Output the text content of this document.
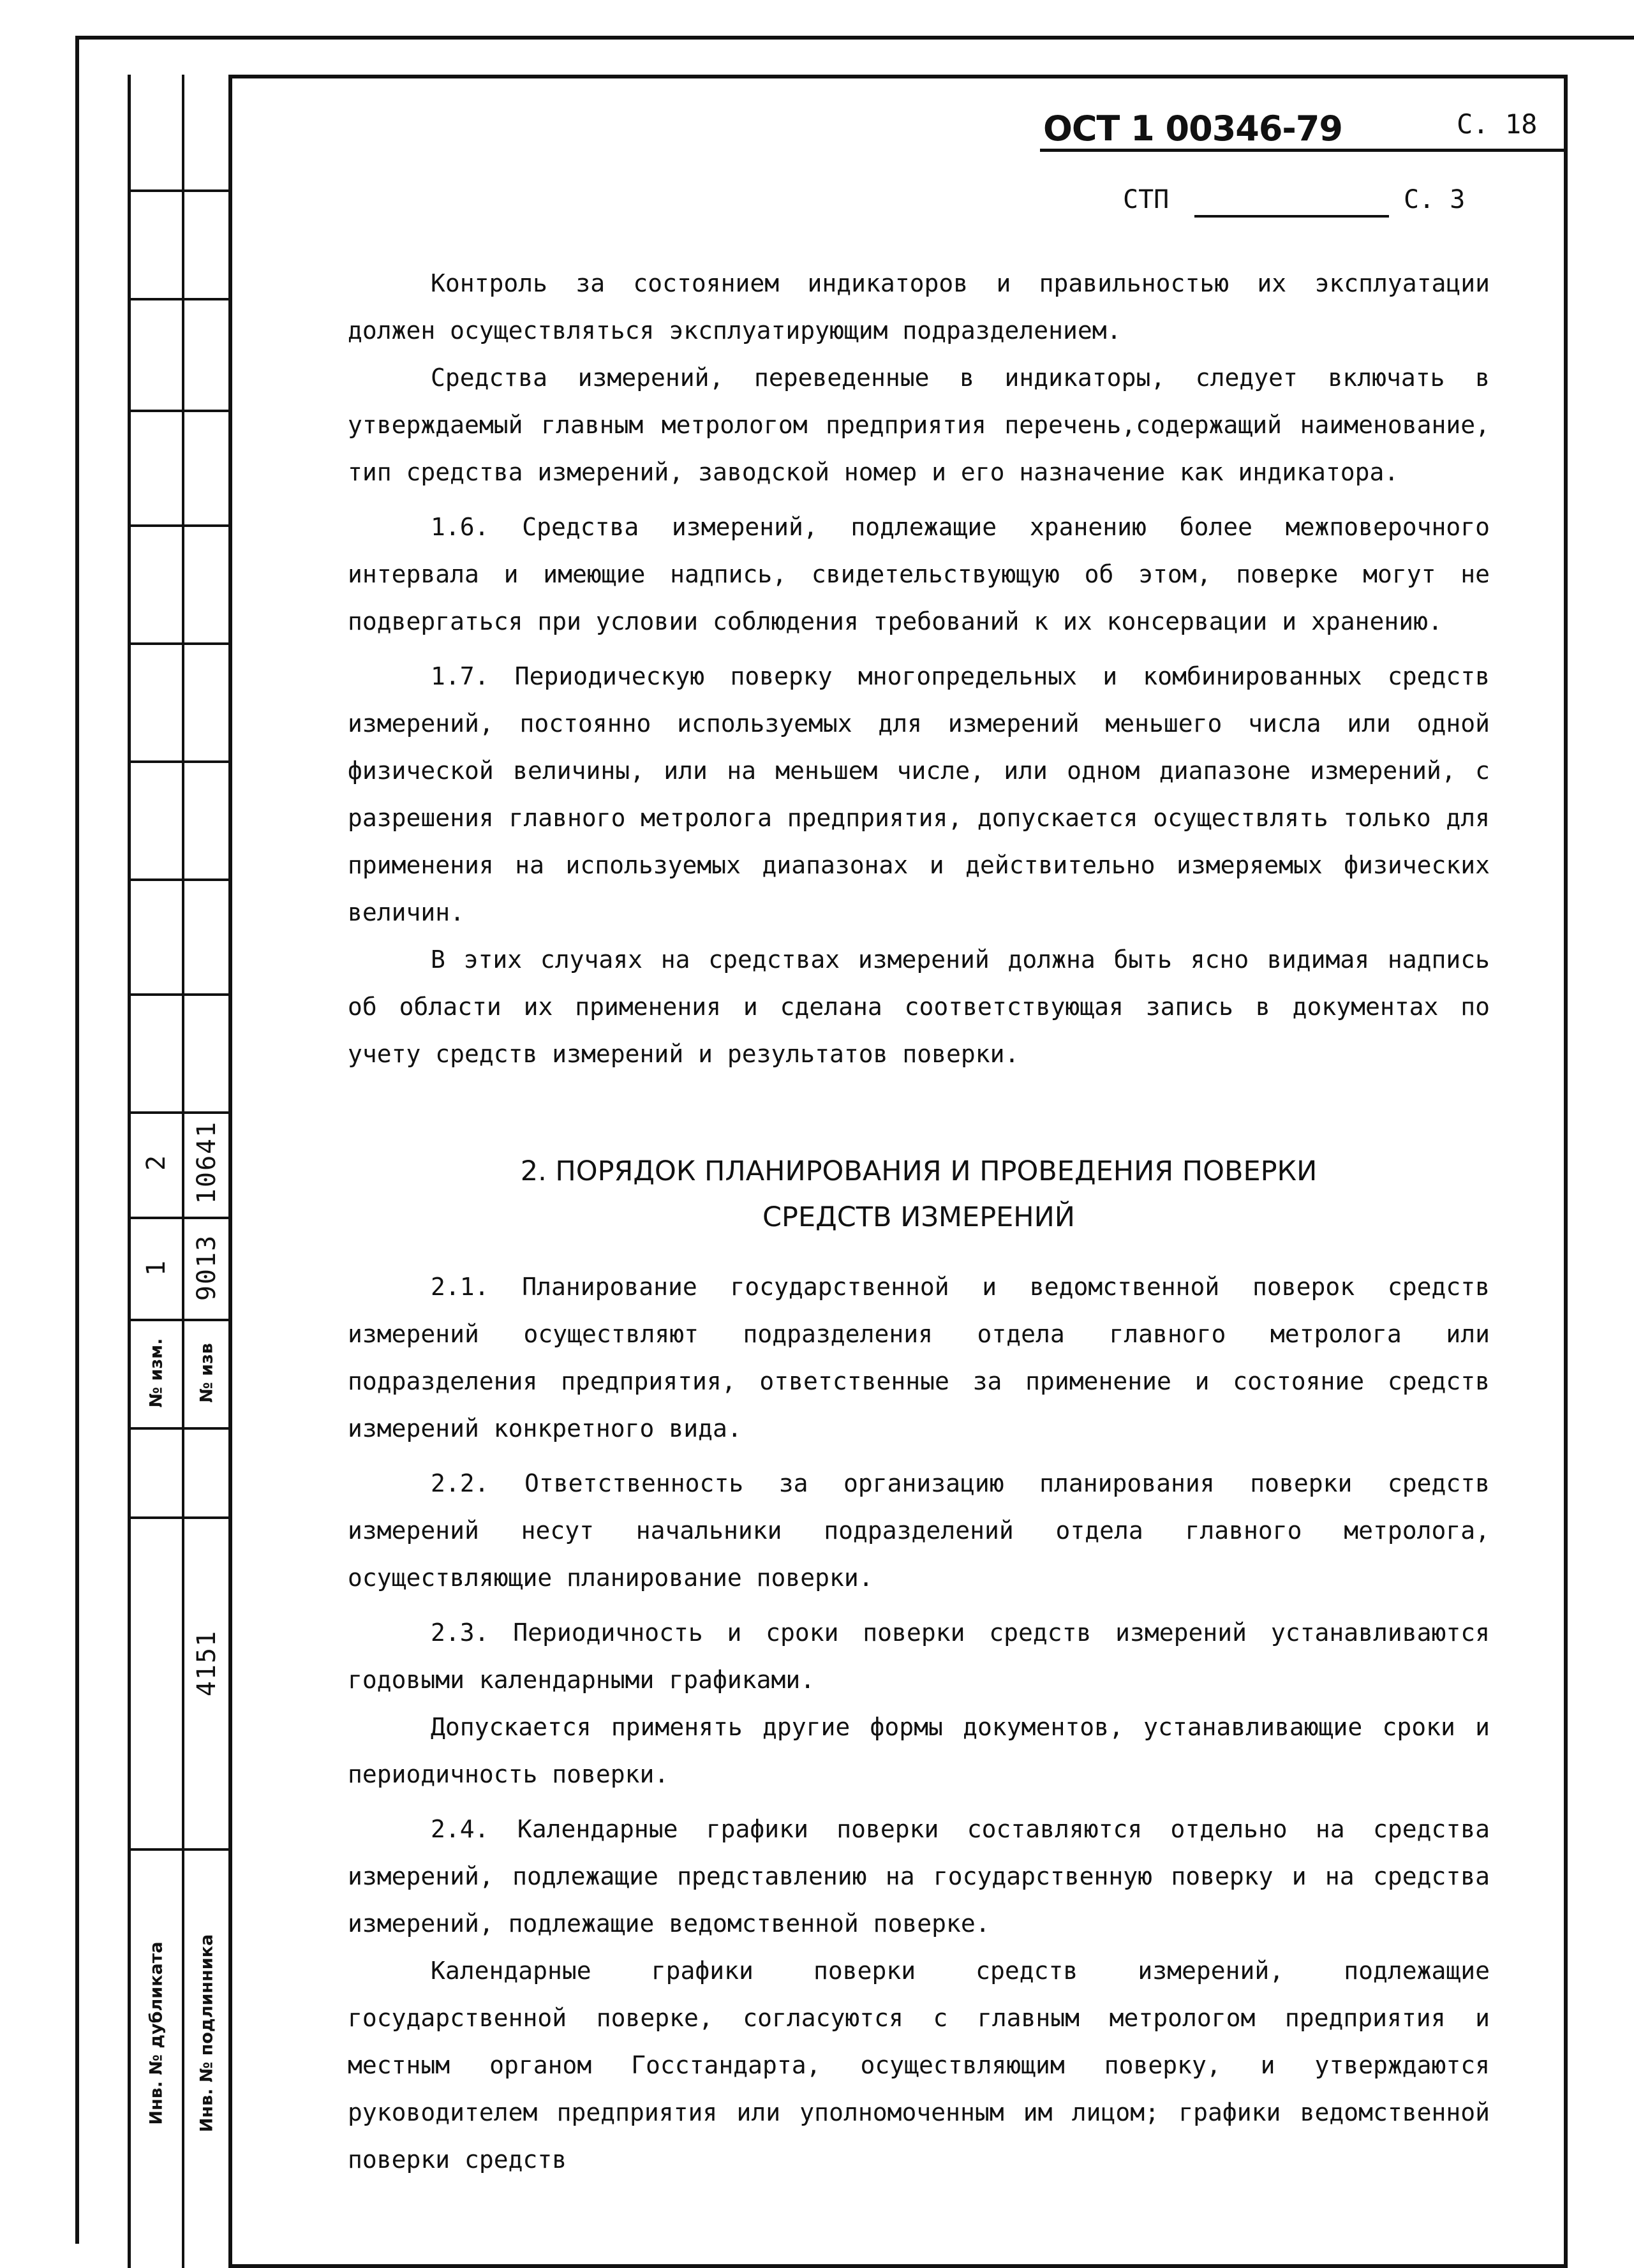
1
2
9013
10641
№ изм. № изв
4151
Инв. № дубликата Инв. № подлинника
ОСТ 1 00346-79	С. 18
СТП	С. 3

Контроль за состоянием индикаторов и правильностью их эксплуатации должен осуществляться эксплуатирующим подразделением.

Средства измерений, переведенные в индикаторы, следует включать в утверждаемый главным метрологом предприятия перечень,содержащий наименование, тип средства измерений, заводской номер и его назначение как индикатора.

1.6. Средства измерений, подлежащие хранению более межповерочного интервала и имеющие надпись, свидетельствующую об этом, поверке могут не подвергаться при условии соблюдения требований к их консервации и хранению.

1.7. Периодическую поверку многопредельных и комбинированных средств измерений, постоянно используемых для измерений меньшего числа или одной физической величины, или на меньшем числе, или одном диапазоне измерений, с разрешения главного метролога предприятия, допускается осуществлять только для применения на используемых диапазонах и действительно измеряемых физических величин.

В этих случаях на средствах измерений должна быть ясно видимая надпись об области их применения и сделана соответствующая запись в документах по учету средств измерений и результатов поверки.

2. ПОРЯДОК ПЛАНИРОВАНИЯ И ПРОВЕДЕНИЯ ПОВЕРКИ
СРЕДСТВ ИЗМЕРЕНИЙ

2.1. Планирование государственной и ведомственной поверок средств измерений осуществляют подразделения отдела главного метролога или подразделения предприятия, ответственные за применение и состояние средств измерений конкретного вида.

2.2. Ответственность за организацию планирования поверки средств измерений несут начальники подразделений отдела главного метролога, осуществляющие планирование поверки.

2.3. Периодичность и сроки поверки средств измерений устанавливаются годовыми календарными графиками.

Допускается применять другие формы документов, устанавливающие сроки и периодичность поверки.

2.4. Календарные графики поверки составляются отдельно на средства измерений, подлежащие представлению на государственную поверку и на средства измерений, подлежащие ведомственной поверке.

Календарные графики поверки средств измерений, подлежащие государственной поверке, согласуются с главным метрологом предприятия и местным органом Госстандарта, осуществляющим поверку, и утверждаются руководителем предприятия или уполномоченным им лицом; графики ведомственной поверки средств
